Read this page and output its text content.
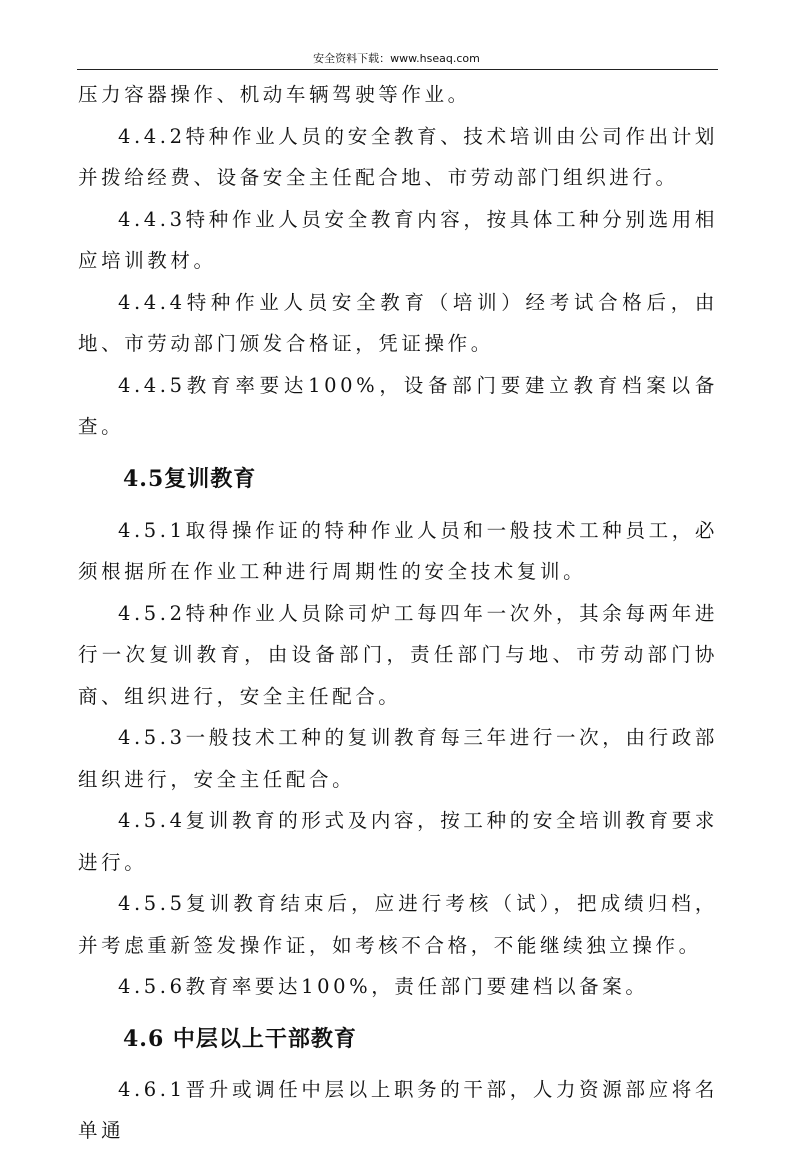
安全资料下载：www.hseaq.com

压力容器操作、机动车辆驾驶等作业。

4.4.2特种作业人员的安全教育、技术培训由公司作出计划并拨给经费、设备安全主任配合地、市劳动部门组织进行。

4.4.3特种作业人员安全教育内容，按具体工种分别选用相应培训教材。

4.4.4特种作业人员安全教育（培训）经考试合格后，由地、市劳动部门颁发合格证，凭证操作。

4.4.5教育率要达100%，设备部门要建立教育档案以备查。

4.5复训教育

4.5.1取得操作证的特种作业人员和一般技术工种员工，必须根据所在作业工种进行周期性的安全技术复训。

4.5.2特种作业人员除司炉工每四年一次外，其余每两年进行一次复训教育，由设备部门，责任部门与地、市劳动部门协商、组织进行，安全主任配合。

4.5.3一般技术工种的复训教育每三年进行一次，由行政部组织进行，安全主任配合。

4.5.4复训教育的形式及内容，按工种的安全培训教育要求进行。

4.5.5复训教育结束后，应进行考核（试），把成绩归档，并考虑重新签发操作证，如考核不合格，不能继续独立操作。

4.5.6教育率要达100%，责任部门要建档以备案。

4.6 中层以上干部教育

4.6.1晋升或调任中层以上职务的干部，人力资源部应将名单通
